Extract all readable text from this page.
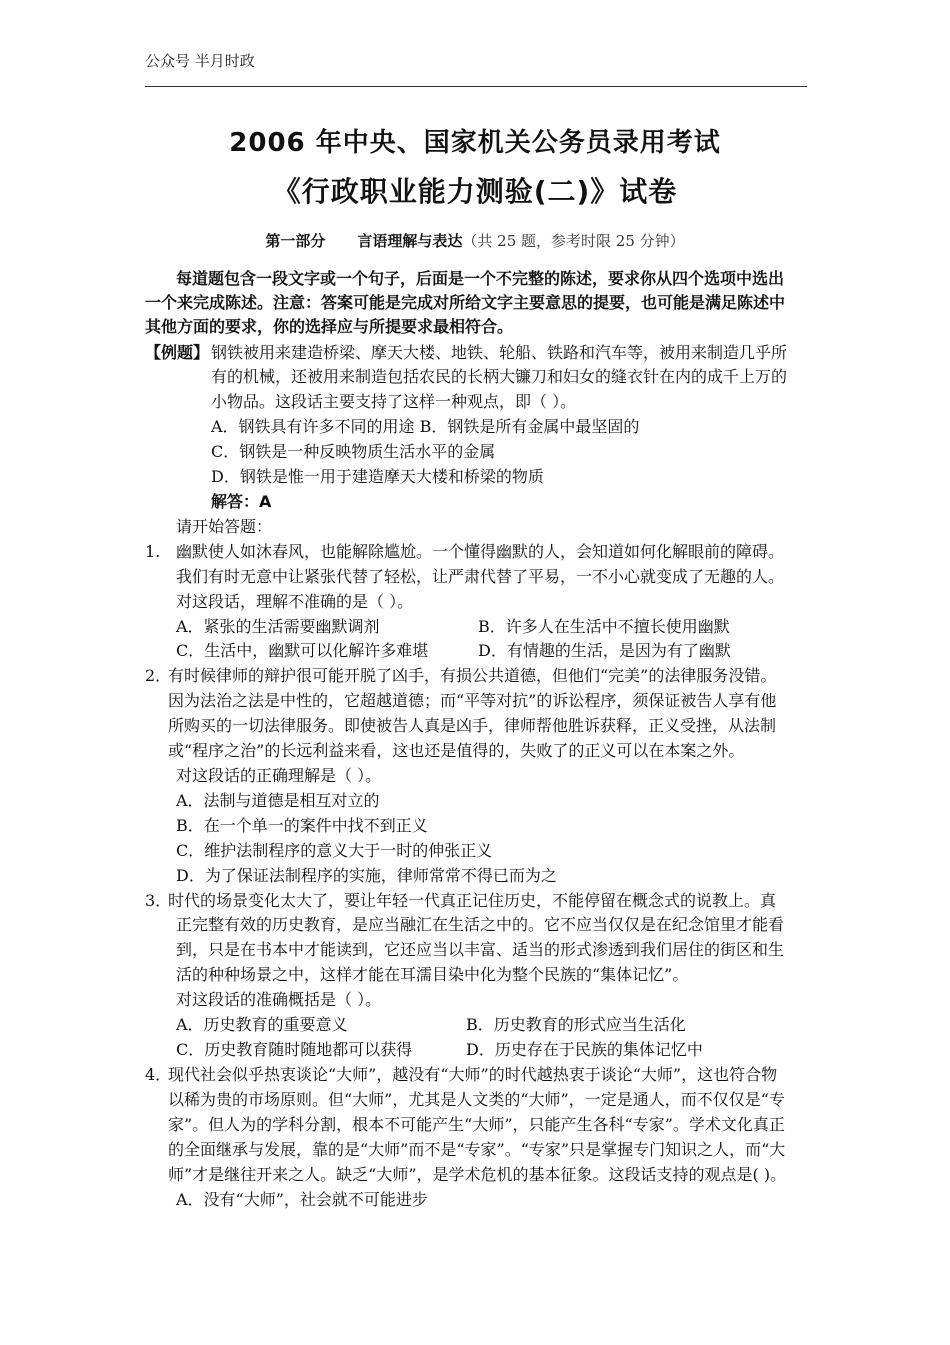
公众号 半月时政
2006 年中央、国家机关公务员录用考试
《行政职业能力测验(二)》试卷
第一部分 言语理解与表达（共 25 题，参考时限 25 分钟）
每道题包含一段文字或一个句子，后面是一个不完整的陈述，要求你从四个选项中选出
一个来完成陈述。注意：答案可能是完成对所给文字主要意思的提要，也可能是满足陈述中
其他方面的要求，你的选择应与所提要求最相符合。
【例题】 钢铁被用来建造桥梁、摩天大楼、地铁、轮船、铁路和汽车等，被用来制造几乎所
有的机械，还被用来制造包括农民的长柄大镰刀和妇女的缝衣针在内的成千上万的
小物品。这段话主要支持了这样一种观点，即（ ）。
A．钢铁具有许多不同的用途 B．钢铁是所有金属中最坚固的
C．钢铁是一种反映物质生活水平的金属
D．钢铁是惟一用于建造摩天大楼和桥梁的物质
解答：A
请开始答题：
1. 幽默使人如沐春风，也能解除尴尬。一个懂得幽默的人，会知道如何化解眼前的障碍。
我们有时无意中让紧张代替了轻松，让严肃代替了平易，一不小心就变成了无趣的人。
对这段话，理解不准确的是（ ）。
A．紧张的生活需要幽默调剂	B．许多人在生活中不擅长使用幽默
C．生活中，幽默可以化解许多难堪	D．有情趣的生活，是因为有了幽默
2．
有时候律师的辩护很可能开脱了凶手，有损公共道德，但他们“完美”的法律服务没错。
因为法治之法是中性的，它超越道德；而“平等对抗”的诉讼程序，须保证被告人享有他
所购买的一切法律服务。即使被告人真是凶手，律师帮他胜诉获释，正义受挫，从法制
或“程序之治”的长远利益来看，这也还是值得的，失败了的正义可以在本案之外。
对这段话的正确理解是（ ）。
A．法制与道德是相互对立的
B．在一个单一的案件中找不到正义
C．维护法制程序的意义大于一时的伸张正义
D．为了保证法制程序的实施，律师常常不得已而为之
3．
时代的场景变化太大了，要让年轻一代真正记住历史，不能停留在概念式的说教上。真
正完整有效的历史教育，是应当融汇在生活之中的。它不应当仅仅是在纪念馆里才能看
到，只是在书本中才能读到，它还应当以丰富、适当的形式渗透到我们居住的街区和生
活的种种场景之中，这样才能在耳濡目染中化为整个民族的“集体记忆”。
对这段话的准确概括是（ ）。
A．历史教育的重要意义	B．历史教育的形式应当生活化
C．历史教育随时随地都可以获得	D．历史存在于民族的集体记忆中
4．
现代社会似乎热衷谈论“大师”，越没有“大师”的时代越热衷于谈论“大师”，这也符合物
以稀为贵的市场原则。但“大师”，尤其是人文类的“大师”，一定是通人，而不仅仅是“专
家”。但人为的学科分割，根本不可能产生“大师”，只能产生各科“专家”。学术文化真正
的全面继承与发展，靠的是“大师”而不是“专家”。“专家”只是掌握专门知识之人，而“大
师”才是继往开来之人。缺乏“大师”，是学术危机的基本征象。这段话支持的观点是( )。
A．没有“大师”，社会就不可能进步
